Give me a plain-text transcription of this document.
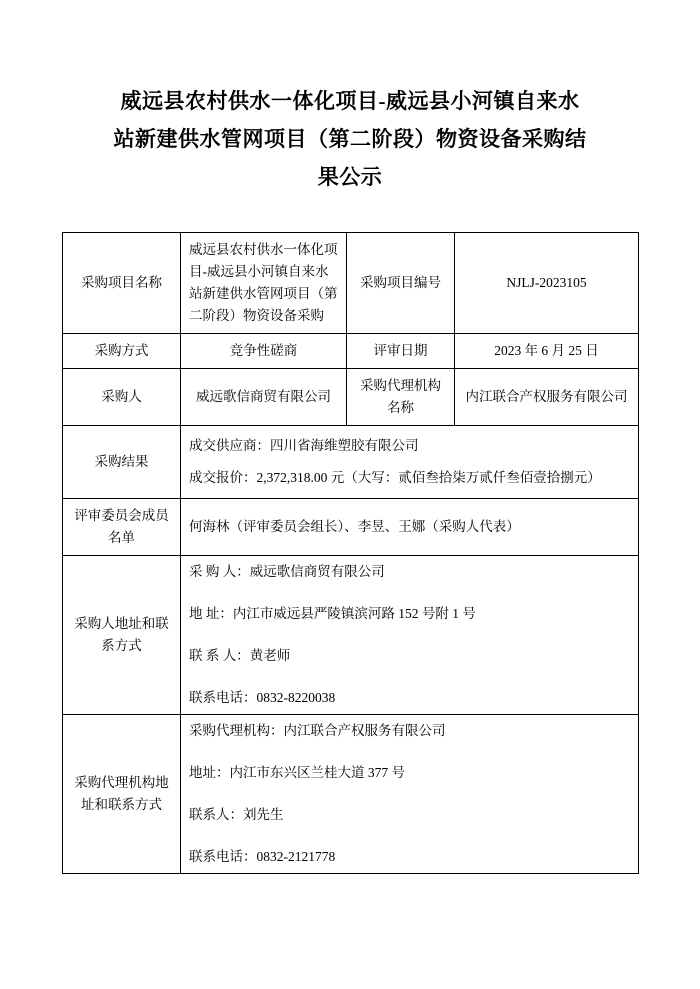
威远县农村供水一体化项目-威远县小河镇自来水站新建供水管网项目（第二阶段）物资设备采购结果公示
采购项目名称	威远县农村供水一体化项目-威远县小河镇自来水站新建供水管网项目（第二阶段）物资设备采购	采购项目编号	NJLJ-2023105
采购方式	竞争性磋商	评审日期	2023 年 6 月 25 日
采购人	威远歌信商贸有限公司	采购代理机构名称	内江联合产权服务有限公司
采购结果	成交供应商：四川省海维塑胶有限公司
成交报价：2,372,318.00 元（大写：贰佰叁拾柒万贰仟叁佰壹拾捌元）		

评审委员会成员名单	何海林（评审委员会组长）、李昱、王娜（采购人代表）		
采购人地址和联系方式	采 购 人：威远歌信商贸有限公司
地 址：内江市威远县严陵镇滨河路 152 号附 1 号
联 系 人：黄老师
联系电话：0832-8220038		

采购代理机构地址和联系方式	采购代理机构：内江联合产权服务有限公司
地址：内江市东兴区兰桂大道 377 号
联系人：刘先生
联系电话：0832-2121778		
